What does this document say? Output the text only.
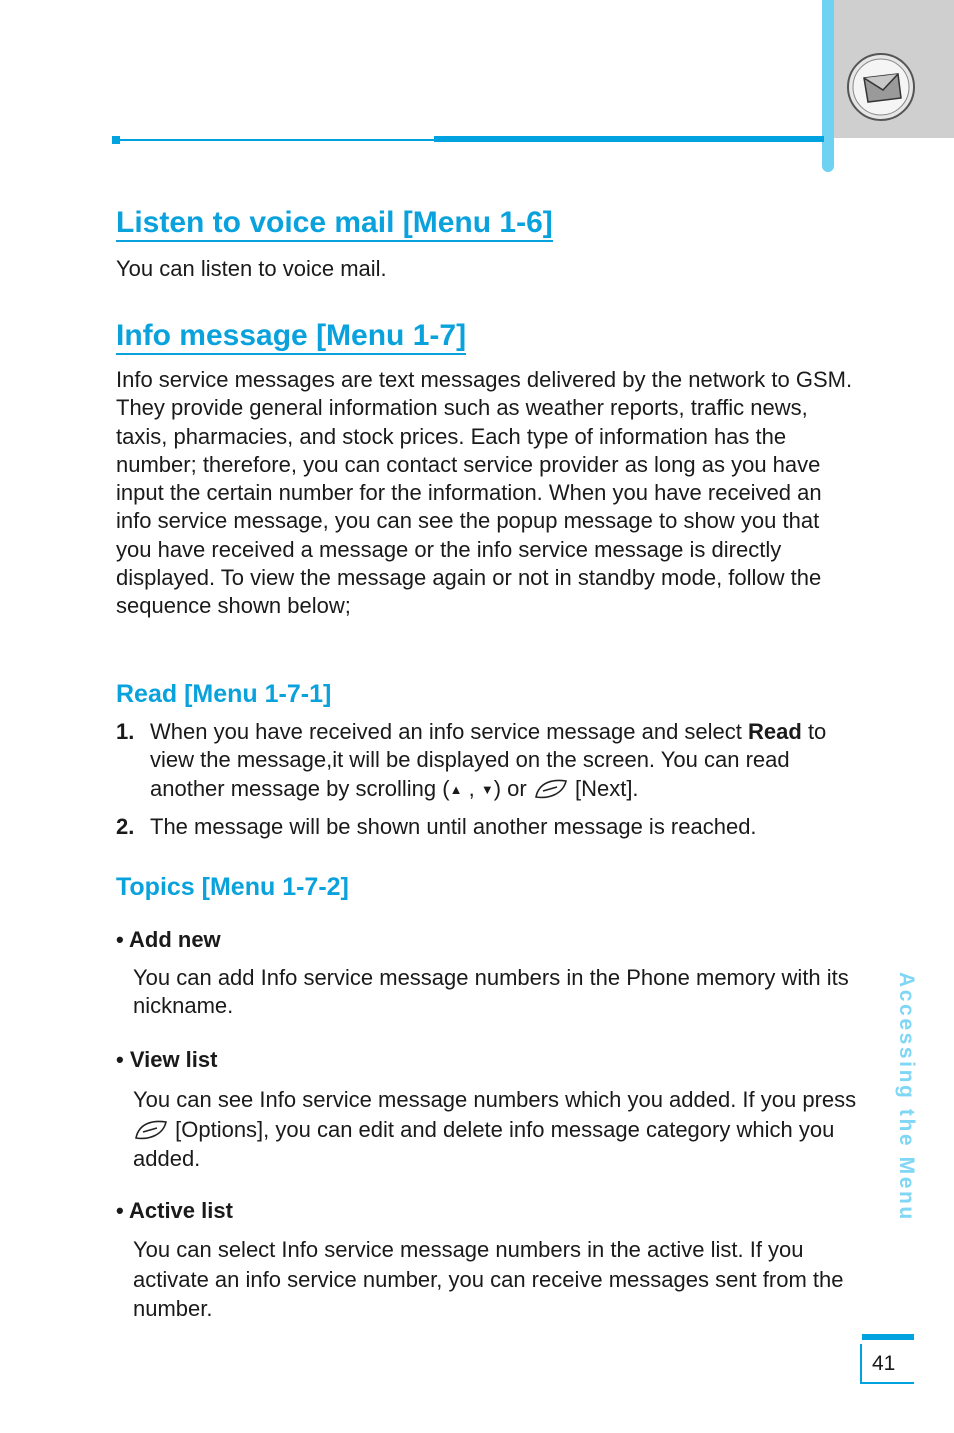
Listen to voice mail [Menu 1-6]

You can listen to voice mail.

Info message [Menu 1-7]

Info service messages are text messages delivered by the network to GSM. They provide general information such as weather reports, traffic news, taxis, pharmacies, and stock prices. Each type of information has the number; therefore, you can contact service provider as long as you have input the certain number for the information. When you have received an info service message, you can see the popup message to show you that you have received a message or the info service message is directly displayed. To view the message again or not in standby mode, follow the sequence shown below;

Read [Menu 1-7-1]
1. When you have received an info service message and select Read to view the message,it will be displayed on the screen. You can read another message by scrolling (▲ , ▼) or [Next].

2. The message will be shown until another message is reached.

Topics [Menu 1-7-2]

• Add new

You can add Info service message numbers in the Phone memory with its nickname.

• View list

You can see Info service message numbers which you added. If you press  [Options], you can edit and delete info message category which you added.

• Active list

You can select Info service message numbers in the active list. If you activate an info service number, you can receive messages sent from the number.

Accessing the Menu
41
